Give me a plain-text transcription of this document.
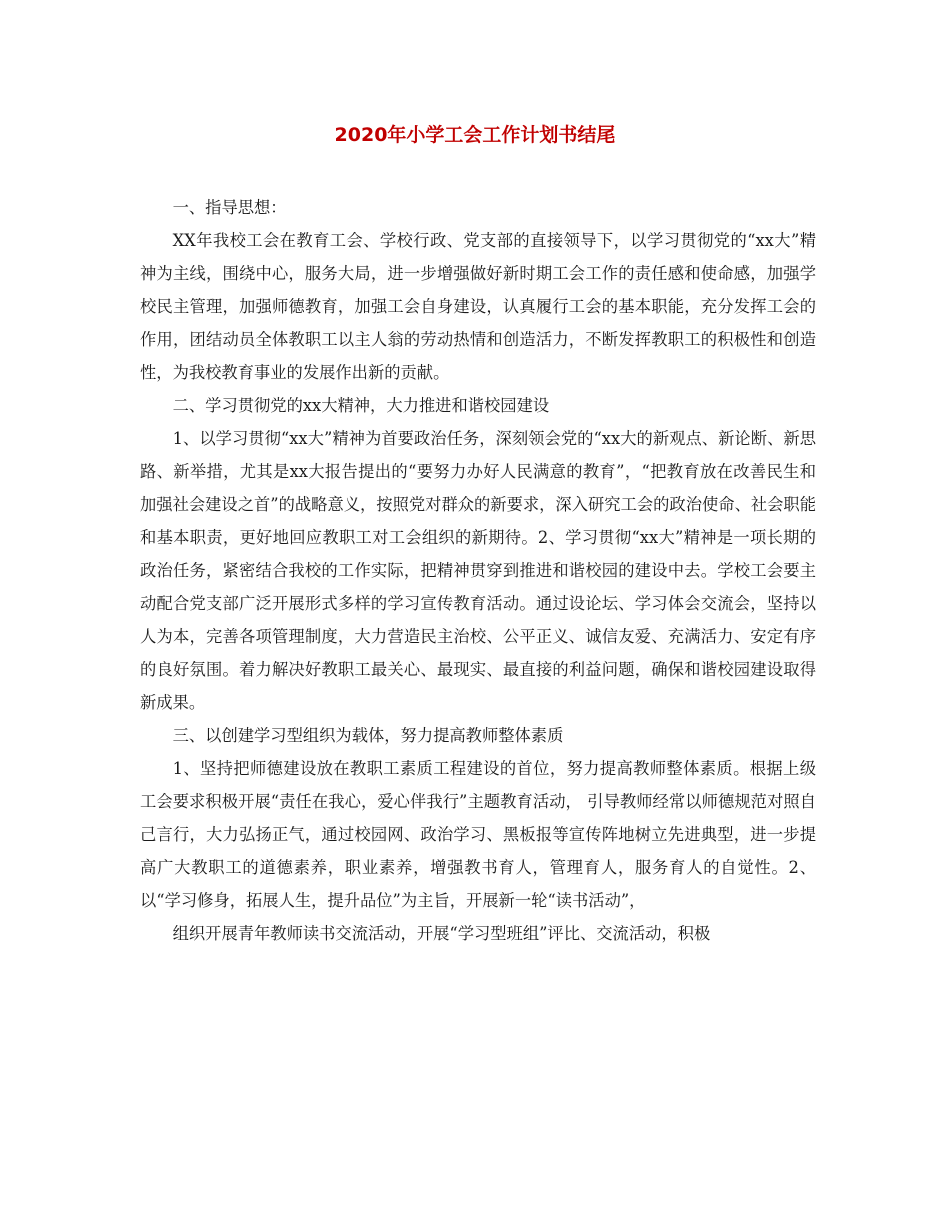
2020年小学工会工作计划书结尾

一、指导思想：

XX年我校工会在教育工会、学校行政、党支部的直接领导下，以学习贯彻党的“xx大”精神为主线，围绕中心，服务大局，进一步增强做好新时期工会工作的责任感和使命感，加强学校民主管理，加强师德教育，加强工会自身建设，认真履行工会的基本职能，充分发挥工会的作用，团结动员全体教职工以主人翁的劳动热情和创造活力，不断发挥教职工的积极性和创造性，为我校教育事业的发展作出新的贡献。

二、学习贯彻党的xx大精神，大力推进和谐校园建设

1、以学习贯彻“xx大”精神为首要政治任务，深刻领会党的“xx大的新观点、新论断、新思路、新举措，尤其是xx大报告提出的“要努力办好人民满意的教育”，“把教育放在改善民生和加强社会建设之首”的战略意义，按照党对群众的新要求，深入研究工会的政治使命、社会职能和基本职责，更好地回应教职工对工会组织的新期待。2、学习贯彻“xx大”精神是一项长期的政治任务，紧密结合我校的工作实际，把精神贯穿到推进和谐校园的建设中去。学校工会要主动配合党支部广泛开展形式多样的学习宣传教育活动。通过设论坛、学习体会交流会，坚持以人为本，完善各项管理制度，大力营造民主治校、公平正义、诚信友爱、充满活力、安定有序的良好氛围。着力解决好教职工最关心、最现实、最直接的利益问题，确保和谐校园建设取得新成果。

三、以创建学习型组织为载体，努力提高教师整体素质

1、坚持把师德建设放在教职工素质工程建设的首位，努力提高教师整体素质。根据上级工会要求积极开展“责任在我心，爱心伴我行”主题教育活动， 引导教师经常以师德规范对照自己言行，大力弘扬正气，通过校园网、政治学习、黑板报等宣传阵地树立先进典型，进一步提高广大教职工的道德素养，职业素养，增强教书育人，管理育人，服务育人的自觉性。2、以“学习修身，拓展人生，提升品位”为主旨，开展新一轮“读书活动”，

组织开展青年教师读书交流活动，开展“学习型班组”评比、交流活动，积极
